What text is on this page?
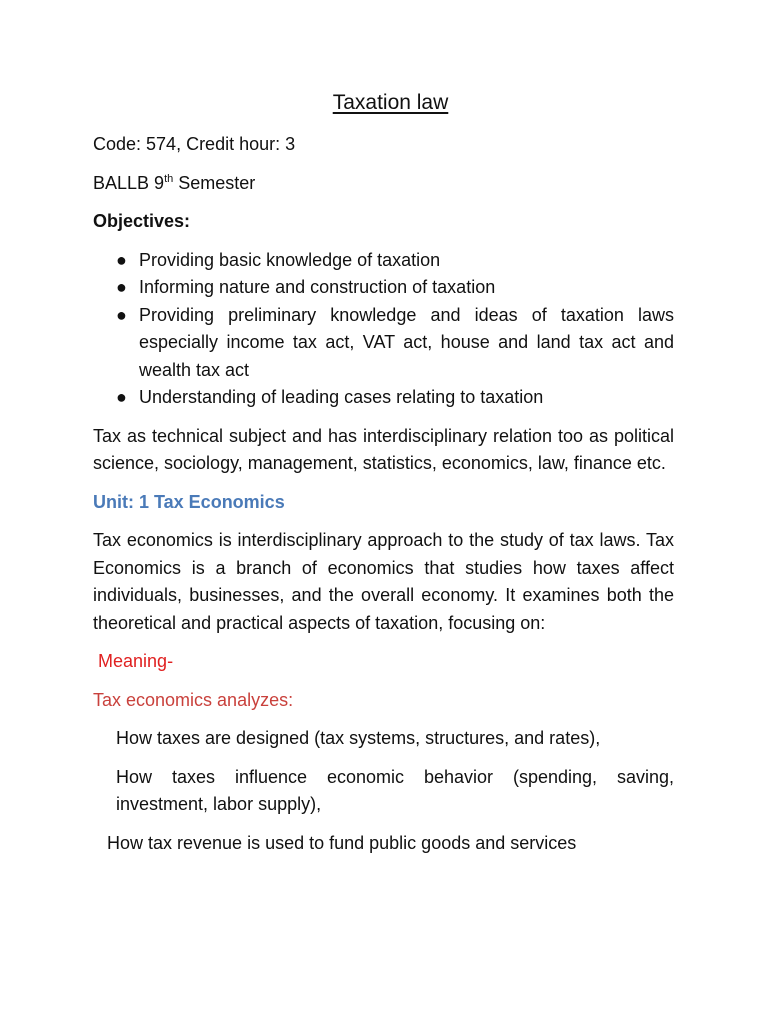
Taxation law

Code: 574, Credit hour: 3

BALLB 9th Semester

Objectives:

● Providing basic knowledge of taxation
● Informing nature and construction of taxation
● Providing preliminary knowledge and ideas of taxation laws especially income tax act, VAT act, house and land tax act and wealth tax act
● Understanding of leading cases relating to taxation

Tax as technical subject and has interdisciplinary relation too as political science, sociology, management, statistics, economics, law, finance etc.

Unit: 1 Tax Economics

Tax economics is interdisciplinary approach to the study of tax laws. Tax Economics is a branch of economics that studies how taxes affect individuals, businesses, and the overall economy. It examines both the theoretical and practical aspects of taxation, focusing on:

Meaning-

Tax economics analyzes:

How taxes are designed (tax systems, structures, and rates),

How taxes influence economic behavior (spending, saving, investment, labor supply),

How tax revenue is used to fund public goods and services
